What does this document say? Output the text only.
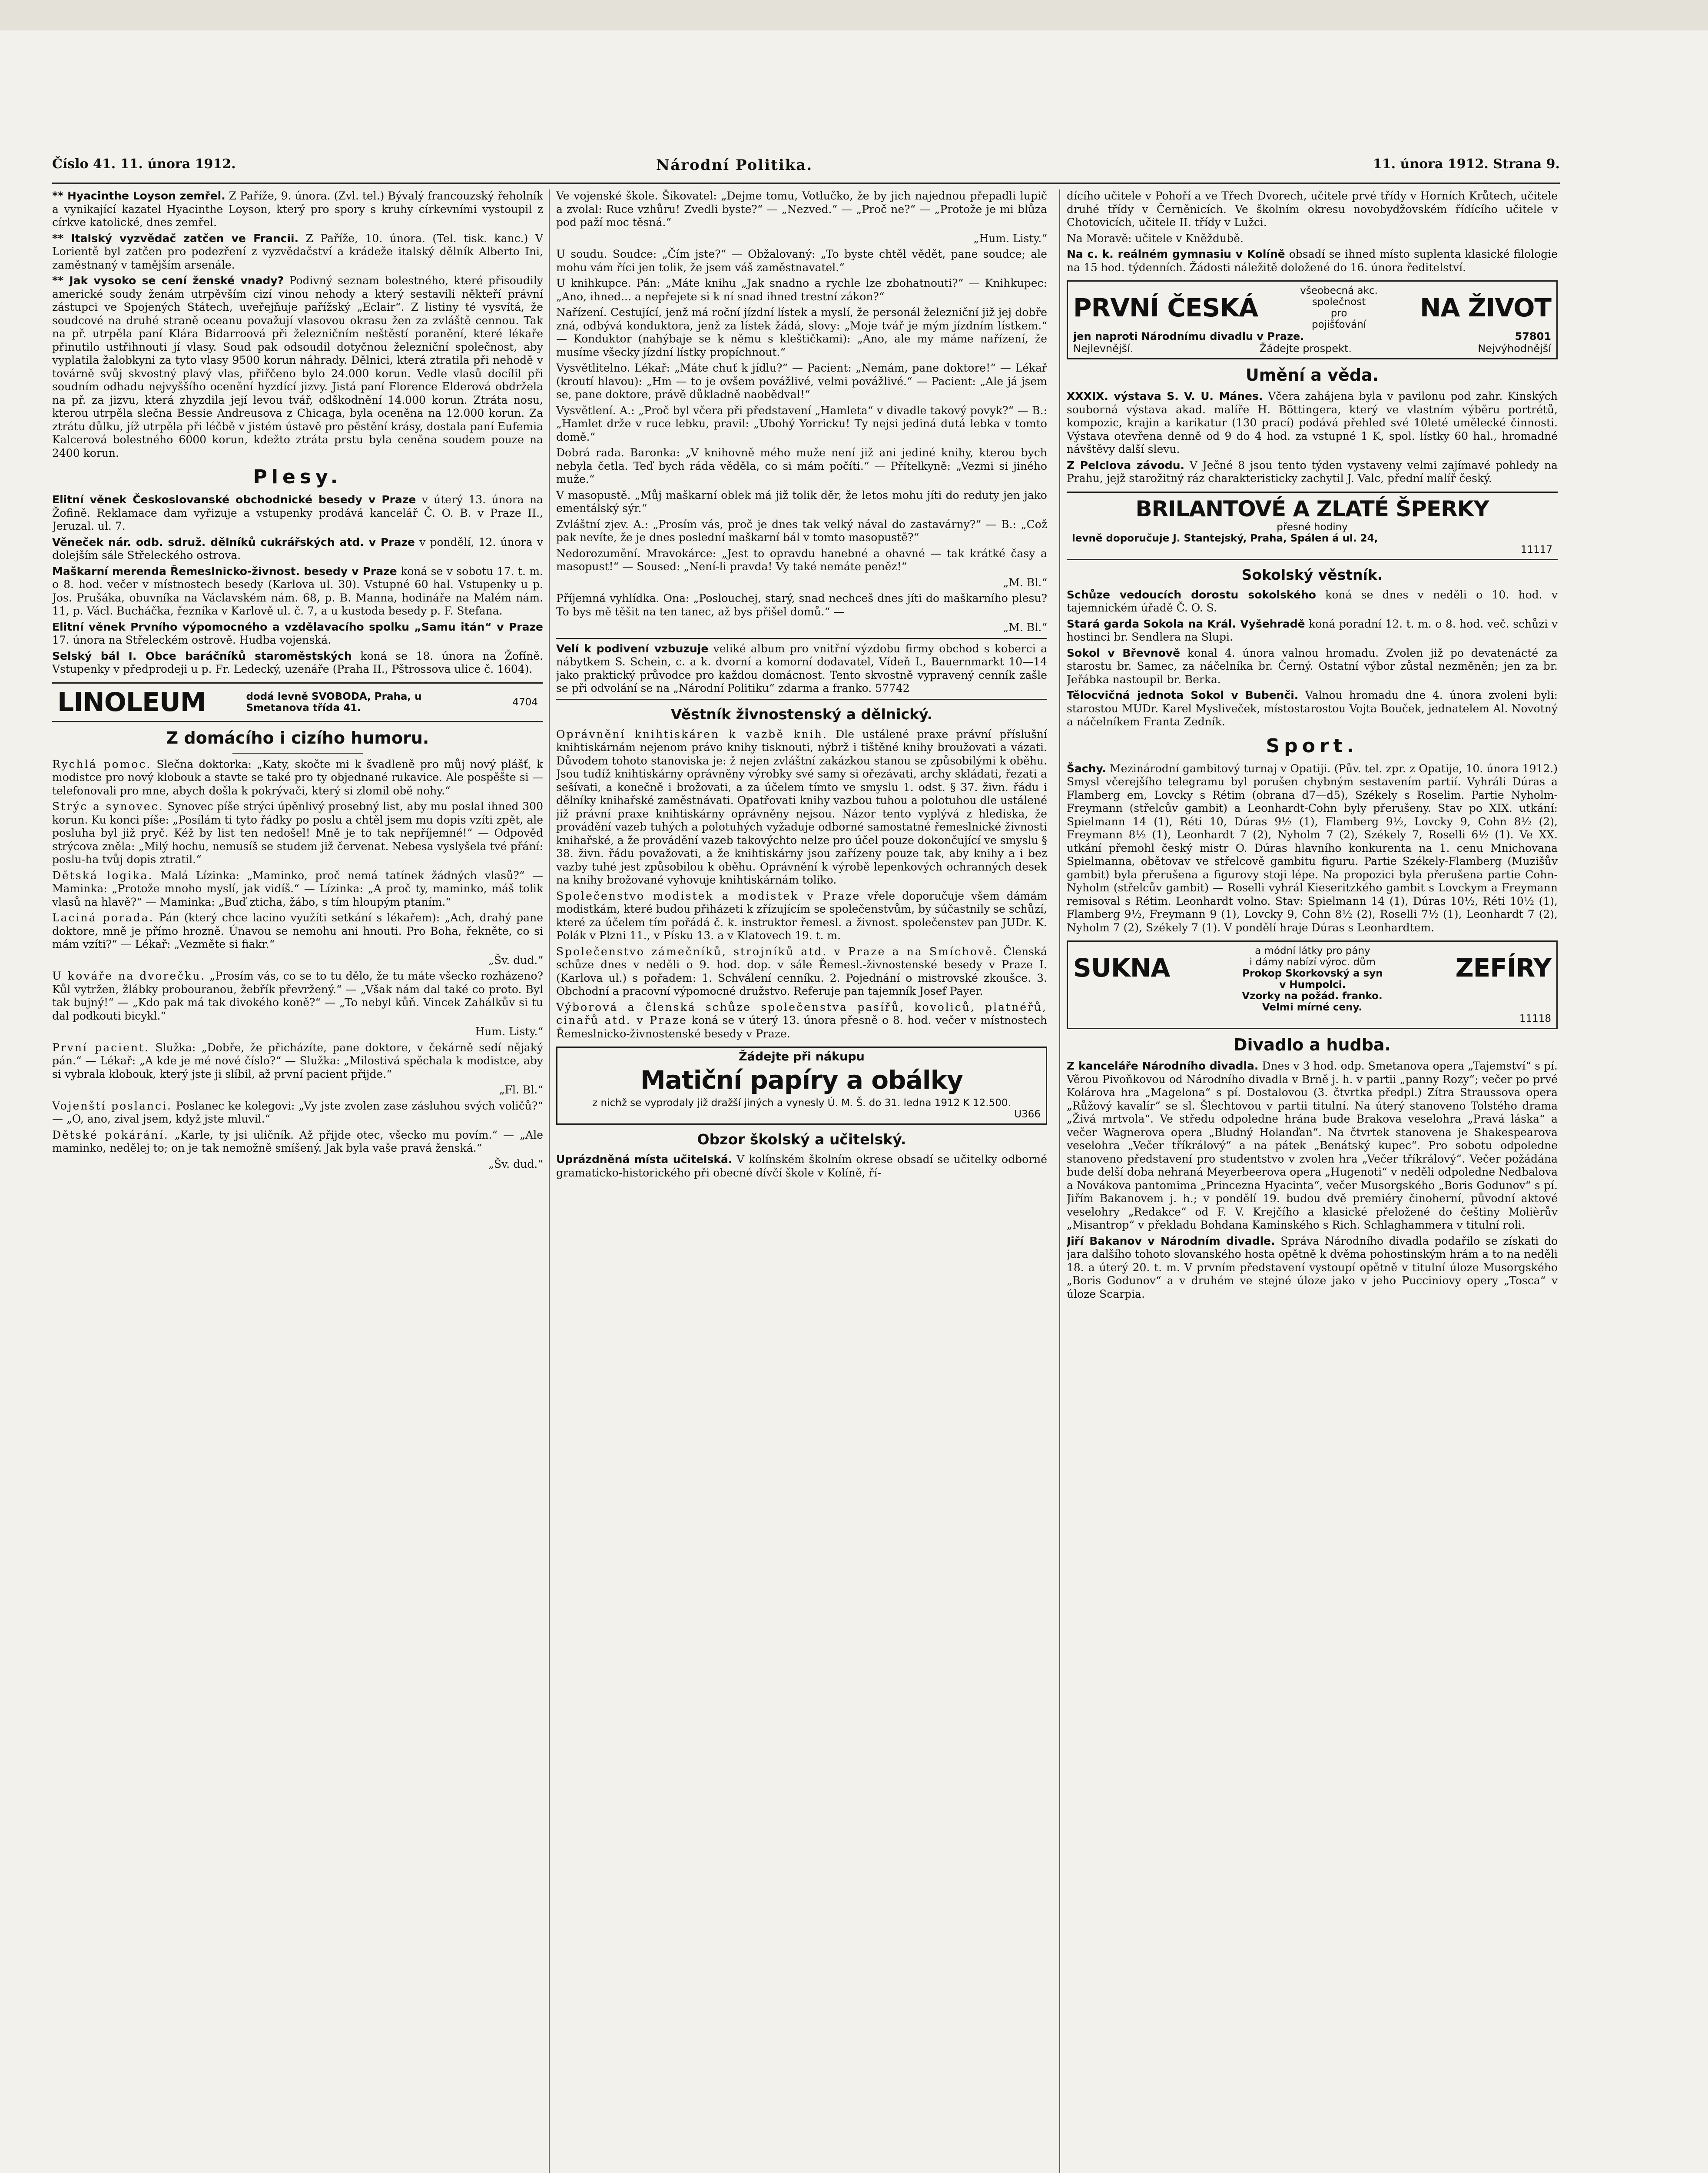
Číslo 41. 11. února 1912.	Národní Politika.	11. února 1912. Strana 9.

** Hyacinthe Loyson zemřel. Z Paříže, 9. února. (Zvl. tel.) Bývalý francouzský řeholník a vynikající kazatel Hyacinthe Loyson, který pro spory s kruhy církevními vystoupil z církve katolické, dnes zemřel.

** Italský vyzvědač zatčen ve Francii. Z Paříže, 10. února. (Tel. tisk. kanc.) V Lorientě byl zatčen pro podezření z vyzvědačství a krádeže italský dělník Alberto Ini, zaměstnaný v tamějším arsenále.

** Jak vysoko se cení ženské vnady? Podivný seznam bolestného, které přisoudily americké soudy ženám utrpěvším cizí vinou nehody a který sestavili někteří právní zástupci ve Spojených Státech, uveřejňuje pařížský „Eclair“. Z listiny té vysvítá, že soudcové na druhé straně oceanu považují vlasovou okrasu žen za zvláště cennou. Tak na př. utrpěla paní Klára Bidarroová při železničním neštěstí poranění, které lékaře přinutilo ustřihnouti jí vlasy. Soud pak odsoudil dotyčnou železniční společnost, aby vyplatila žalobkyni za tyto vlasy 9500 korun náhrady. Dělnici, která ztratila při nehodě v továrně svůj skvostný plavý vlas, přiřčeno bylo 24.000 korun. Vedle vlasů docílil při soudním odhadu nejvyššího ocenění hyzdící jizvy. Jistá paní Florence Elderová obdržela na př. za jizvu, která zhyzdila její levou tvář, odškodnění 14.000 korun. Ztráta nosu, kterou utrpěla slečna Bessie Andreusova z Chicaga, byla oceněna na 12.000 korun. Za ztrátu důlku, jíž utrpěla při léčbě v jistém ústavě pro pěstění krásy, dostala paní Eufemia Kalcerová bolestného 6000 korun, kdežto ztráta prstu byla ceněna soudem pouze na 2400 korun.

Plesy.

Elitní věnek Českoslovanské obchodnické besedy v Praze v úterý 13. února na Žofině. Reklamace dam vyřizuje a vstupenky prodává kancelář Č. O. B. v Praze II., Jeruzal. ul. 7.

Věneček nár. odb. sdruž. dělníků cukrářských atd. v Praze v pondělí, 12. února v dolejším sále Střeleckého ostrova.

Maškarní merenda Řemeslnicko-živnost. besedy v Praze koná se v sobotu 17. t. m. o 8. hod. večer v místnostech besedy (Karlova ul. 30). Vstupné 60 hal. Vstupenky u p. Jos. Prušáka, obuvníka na Václavském nám. 68, p. B. Manna, hodináře na Malém nám. 11, p. Václ. Bucháčka, řezníka v Karlově ul. č. 7, a u kustoda besedy p. F. Stefana.

Elitní věnek Prvního výpomocného a vzdělavacího spolku „Samu itán“ v Praze 17. února na Střeleckém ostrově. Hudba vojenská.

Selský bál I. Obce baráčníků staroměstských koná se 18. února na Žofíně. Vstupenky v předprodeji u p. Fr. Ledecký, uzenáře (Praha II., Pštrossova ulice č. 1604).

LINOLEUM	dodá levně SVOBODA, Praha, u Smetanova třída 41.	4704
Z domácího i cizího humoru.

Rychlá pomoc. Slečna doktorka: „Katy, skočte mi k švadleně pro můj nový plášť, k modistce pro nový klobouk a stavte se také pro ty objednané rukavice. Ale pospěšte si — telefonovali pro mne, abych došla k pokrývači, který si zlomil obě nohy.“

Strýc a synovec. Synovec píše strýci úpěnlivý prosebný list, aby mu poslal ihned 300 korun. Ku konci píše: „Posílám ti tyto řádky po poslu a chtěl jsem mu dopis vzíti zpět, ale posluha byl již pryč. Kéž by list ten nedošel! Mně je to tak nepříjemné!“ — Odpověď strýcova zněla: „Milý hochu, nemusíš se studem již červenat. Nebesa vyslyšela tvé přání: poslu-ha tvůj dopis ztratil.“

Dětská logika. Malá Lízinka: „Maminko, proč nemá tatínek žádných vlasů?“ — Maminka: „Protože mnoho myslí, jak vidíš.“ — Lízinka: „A proč ty, maminko, máš tolik vlasů na hlavě?“ — Maminka: „Buď zticha, žábo, s tím hloupým ptaním.“

Laciná porada. Pán (který chce lacino využíti setkání s lékařem): „Ach, drahý pane doktore, mně je přímo hrozně. Únavou se nemohu ani hnouti. Pro Boha, řekněte, co si mám vzíti?“ — Lékař: „Vezměte si fiakr.“

„Šv. dud.“

U kováře na dvorečku. „Prosím vás, co se to tu dělo, že tu máte všecko rozházeno? Kůl vytržen, žlábky probouranou, žebřík převržený.“ — „Však nám dal také co proto. Byl tak bujný!“ — „Kdo pak má tak divokého koně?“ — „To nebyl kůň. Vincek Zahálkův si tu dal podkouti bicykl.“

Hum. Listy.“

První pacient. Služka: „Dobře, že přicházíte, pane doktore, v čekárně sedí nějaký pán.“ — Lékař: „A kde je mé nové číslo?“ — Služka: „Milostivá spěchala k modistce, aby si vybrala klobouk, který jste ji slíbil, až první pacient přijde.“

„Fl. Bl.“

Vojenští poslanci. Poslanec ke kolegovi: „Vy jste zvolen zase zásluhou svých voličů?“ — „O, ano, zival jsem, když jste mluvil.“

Dětské pokárání. „Karle, ty jsi uličník. Až přijde otec, všecko mu povím.“ — „Ale maminko, nedělej to; on je tak nemožně smíšený. Jak byla vaše pravá ženská.“

„Šv. dud.“

Ve vojenské škole. Šikovatel: „Dejme tomu, Votlučko, že by jich najednou přepadli lupič a zvolal: Ruce vzhůru! Zvedli byste?“ — „Nezved.“ — „Proč ne?“ — „Protože je mi blůza pod paží moc těsná.“

„Hum. Listy.“

U soudu. Soudce: „Čím jste?“ — Obžalovaný: „To byste chtěl vědět, pane soudce; ale mohu vám říci jen tolik, že jsem váš zaměstnavatel.“

U knihkupce. Pán: „Máte knihu „Jak snadno a rychle lze zbohatnouti?“ — Knihkupec: „Ano, ihned... a nepřejete si k ní snad ihned trestní zákon?“

Nařízení. Cestující, jenž má roční jízdní lístek a myslí, že personál železniční již jej dobře zná, odbývá konduktora, jenž za lístek žádá, slovy: „Moje tvář je mým jízdním lístkem.“ — Konduktor (nahýbaje se k němu s kleštičkami): „Ano, ale my máme nařízení, že musíme všecky jízdní lístky propíchnout.“

Vysvětlitelno. Lékař: „Máte chuť k jídlu?“ — Pacient: „Nemám, pane doktore!“ — Lékař (kroutí hlavou): „Hm — to je ovšem povážlivé, velmi povážlivé.“ — Pacient: „Ale já jsem se, pane doktore, právě důkladně naobědval!“

Vysvětlení. A.: „Proč byl včera při představení „Hamleta“ v divadle takový povyk?“ — B.: „Hamlet drže v ruce lebku, pravil: „Ubohý Yorricku! Ty nejsi jediná dutá lebka v tomto domě.“

Dobrá rada. Baronka: „V knihovně mého muže není již ani jediné knihy, kterou bych nebyla četla. Teď bych ráda věděla, co si mám počíti.“ — Přítelkyně: „Vezmi si jiného muže.“

V masopustě. „Můj maškarní oblek má již tolik děr, že letos mohu jíti do reduty jen jako ementálský sýr.“

Zvláštní zjev. A.: „Prosím vás, proč je dnes tak velký nával do zastavárny?“ — B.: „Což pak nevíte, že je dnes poslední maškarní bál v tomto masopustě?“

Nedorozumění. Mravokárce: „Jest to opravdu hanebné a ohavné — tak krátké časy a masopust!“ — Soused: „Není-li pravda! Vy také nemáte peněz!“

„M. Bl.“

Příjemná vyhlídka. Ona: „Poslouchej, starý, snad nechceš dnes jíti do maškarního plesu? To bys mě těšit na ten tanec, až bys přišel domů.“ —

„M. Bl.“

Velí k podivení vzbuzuje veliké album pro vnitřní výzdobu firmy obchod s koberci a nábytkem S. Schein, c. a k. dvorní a komorní dodavatel, Vídeň I., Bauernmarkt 10—14 jako praktický průvodce pro každou domácnost. Tento skvostně vypravený cenník zašle se při odvolání se na „Národní Politiku“ zdarma a franko. 57742

Věstník živnostenský a dělnický.

Oprávnění knihtiskáren k vazbě knih. Dle ustálené praxe právní příslušní knihtiskárnám nejenom právo knihy tisknouti, nýbrž i tištěné knihy broužovati a vázati. Důvodem tohoto stanoviska je: ž nejen zvláštní zakázkou stanou se způsobilými k oběhu. Jsou tudíž knihtiskárny oprávněny výrobky své samy si ořezávati, archy skládati, řezati a sešívati, a konečně i brožovati, a za účelem tímto ve smyslu 1. odst. § 37. živn. řádu i dělníky knihařské zaměstnávati. Opatřovati knihy vazbou tuhou a polotuhou dle ustálené již právní praxe knihtiskárny oprávněny nejsou. Názor tento vyplývá z hlediska, že provádění vazeb tuhých a polotuhých vyžaduje odborné samostatné řemeslnické živnosti knihařské, a že provádění vazeb takovýchto nelze pro účel pouze dokončující ve smyslu § 38. živn. řádu považovati, a že knihtiskárny jsou zařízeny pouze tak, aby knihy a i bez vazby tuhé jest způsobilou k oběhu. Oprávnění k výrobě lepenkových ochranných desek na knihy brožované vyhovuje knihtiskárnám toliko.

Společenstvo modistek a modistek v Praze vřele doporučuje všem dámám modistkám, které budou přiházeti k zřízujícím se společenstvům, by súčastnily se schůzí, které za účelem tím pořádá č. k. instruktor řemesl. a živnost. společenstev pan JUDr. K. Polák v Plzni 11., v Písku 13. a v Klatovech 19. t. m.

Společenstvo zámečníků, strojníků atd. v Praze a na Smíchově. Členská schůze dnes v neděli o 9. hod. dop. v sále Řemesl.-živnostenské besedy v Praze I. (Karlova ul.) s pořadem: 1. Schválení cenníku. 2. Pojednání o mistrovské zkoušce. 3. Obchodní a pracovní výpomocné družstvo. Referuje pan tajemník Josef Payer.

Výborová a členská schůze společenstva pasířů, kovoliců, platnéřů, cinařů atd. v Praze koná se v úterý 13. února přesně o 8. hod. večer v místnostech Řemeslnicko-živnostenské besedy v Praze.

Žádejte při nákupu
Matiční papíry a obálky
z nichž se vyprodaly již dražší jiných a vynesly Ú. M. Š. do 31. ledna 1912 K 12.500.
U366
Obzor školský a učitelský.

Uprázdněná místa učitelská. V kolínském školním okrese obsadí se učitelky odborné gramaticko-historického při obecné dívčí škole v Kolíně, ří-

dícího učitele v Pohoří a ve Třech Dvorech, učitele prvé třídy v Horních Krůtech, učitele druhé třídy v Černěnicích. Ve školním okresu novobydžovském řídícího učitele v Chotovicích, učitele II. třídy v Lužci.

Na Moravě: učitele v Kněždubě.

Na c. k. reálném gymnasiu v Kolíně obsadí se ihned místo suplenta klasické filologie na 15 hod. týdenních. Žádosti náležitě doložené do 16. února ředitelství.

PRVNÍ ČESKÁ
všeobecná akc.
společnost
pro
pojišťování
NA ŽIVOT
jen naproti Národnímu divadlu v Praze.	57801
Nejlevnější.	Žádejte prospekt.	Nejvýhodnější
Umění a věda.

XXXIX. výstava S. V. U. Mánes. Včera zahájena byla v pavilonu pod zahr. Kinských souborná výstava akad. malíře H. Böttingera, který ve vlastním výběru portrétů, kompozic, krajin a karikatur (130 prací) podává přehled své 10leté umělecké činnosti. Výstava otevřena denně od 9 do 4 hod. za vstupné 1 K, spol. lístky 60 hal., hromadné návštěvy další slevu.

Z Pelclova závodu. V Ječné 8 jsou tento týden vystaveny velmi zajímavé pohledy na Prahu, jejž starožitný ráz charakteristicky zachytil J. Valc, přední malíř český.

BRILANTOVÉ A ZLATÉ ŠPERKY
přesné hodiny
levně doporučuje J. Stantejský, Praha, Spálen á ul. 24,
11117
Sokolský věstník.

Schůze vedoucích dorostu sokolského koná se dnes v neděli o 10. hod. v tajemnickém úřadě Č. O. S.

Stará garda Sokola na Král. Vyšehradě koná poradní 12. t. m. o 8. hod. več. schůzi v hostinci br. Sendlera na Slupi.

Sokol v Břevnově konal 4. února valnou hromadu. Zvolen již po devatenácté za starostu br. Samec, za náčelníka br. Černý. Ostatní výbor zůstal nezměněn; jen za br. Jeřábka nastoupil br. Berka.

Tělocvičná jednota Sokol v Bubenči. Valnou hromadu dne 4. února zvoleni byli: starostou MUDr. Karel Mysliveček, místostarostou Vojta Bouček, jednatelem Al. Novotný a náčelníkem Franta Zedník.

Sport.

Šachy. Mezinárodní gambitový turnaj v Opatiji. (Pův. tel. zpr. z Opatije, 10. února 1912.) Smysl včerejšího telegramu byl porušen chybným sestavením partií. Vyhráli Dúras a Flamberg em, Lovcky s Rétim (obrana d7—d5), Székely s Roselim. Partie Nyholm-Freymann (střelcův gambit) a Leonhardt-Cohn byly přerušeny. Stav po XIX. utkání: Spielmann 14 (1), Réti 10, Dúras 9½ (1), Flamberg 9½, Lovcky 9, Cohn 8½ (2), Freymann 8½ (1), Leonhardt 7 (2), Nyholm 7 (2), Székely 7, Roselli 6½ (1). Ve XX. utkání přemohl český mistr O. Dúras hlavního konkurenta na 1. cenu Mnichovana Spielmanna, obětovav ve střelcově gambitu figuru. Partie Székely-Flamberg (Muzišův gambit) byla přerušena a figurovy stoji lépe. Na propozici byla přerušena partie Cohn-Nyholm (střelcův gambit) — Roselli vyhrál Kieseritzkého gambit s Lovckym a Freymann remisoval s Rétim. Leonhardt volno. Stav: Spielmann 14 (1), Dúras 10½, Réti 10½ (1), Flamberg 9½, Freymann 9 (1), Lovcky 9, Cohn 8½ (2), Roselli 7½ (1), Leonhardt 7 (2), Nyholm 7 (2), Székely 7 (1). V pondělí hraje Dúras s Leonhardtem.

SUKNA
a módní látky pro pány
i dámy nabízí výroc. dům
Prokop Skorkovský a syn
v Humpolci.
ZEFÍRY
Vzorky na požád. franko.
Velmi mírné ceny.
11118
Divadlo a hudba.

Z kanceláře Národního divadla. Dnes v 3 hod. odp. Smetanova opera „Tajemství“ s pí. Věrou Pivoňkovou od Národního divadla v Brně j. h. v partii „panny Rozy“; večer po prvé Kolárova hra „Magelona“ s pí. Dostalovou (3. čtvrtka předpl.) Zítra Straussova opera „Růžový kavalír“ se sl. Šlechtovou v partii titulní. Na úterý stanoveno Tolstého drama „Živá mrtvola“. Ve středu odpoledne hrána bude Brakova veselohra „Pravá láska“ a večer Wagnerova opera „Bludný Holanďan“. Na čtvrtek stanovena je Shakespearova veselohra „Večer tříkrálový“ a na pátek „Benátský kupec“. Pro sobotu odpoledne stanoveno představení pro studentstvo v zvolen hra „Večer tříkrálový“. Večer požádána bude delší doba nehraná Meyerbeerova opera „Hugenoti“ v neděli odpoledne Nedbalova a Novákova pantomima „Princezna Hyacinta“, večer Musorgského „Boris Godunov“ s pí. Jiřím Bakanovem j. h.; v pondělí 19. budou dvě premiéry činoherní, původní aktové veselohry „Redakce“ od F. V. Krejčího a klasické přeložené do češtiny Molièrův „Misantrop“ v překladu Bohdana Kaminského s Rich. Schlaghammera v titulní roli.

Jiří Bakanov v Národním divadle. Správa Národního divadla podařilo se získati do jara dalšího tohoto slovanského hosta opětně k dvěma pohostinským hrám a to na neděli 18. a úterý 20. t. m. V prvním představení vystoupí opětně v titulní úloze Musorgského „Boris Godunov“ a v druhém ve stejné úloze jako v jeho Pucciniovy opery „Tosca“ v úloze Scarpia.
